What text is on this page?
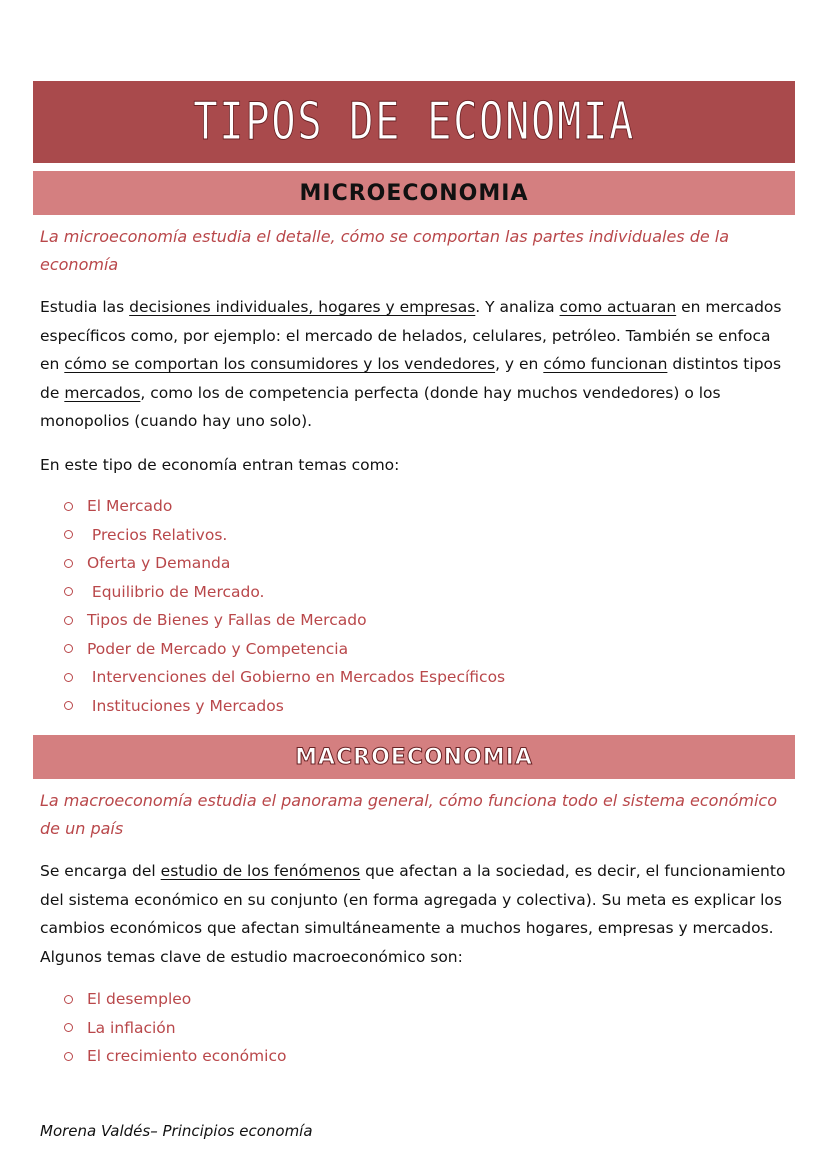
TIPOS DE ECONOMIA
MICROECONOMIA

La microeconomía estudia el detalle, cómo se comportan las partes individuales de la economía

Estudia las decisiones individuales, hogares y empresas. Y analiza como actuaran en mercados específicos como, por ejemplo: el mercado de helados, celulares, petróleo. También se enfoca en cómo se comportan los consumidores y los vendedores, y en cómo funcionan distintos tipos de mercados, como los de competencia perfecta (donde hay muchos vendedores) o los monopolios (cuando hay uno solo).

En este tipo de economía entran temas como:

El Mercado
Precios Relativos.
Oferta y Demanda
Equilibrio de Mercado.
Tipos de Bienes y Fallas de Mercado
Poder de Mercado y Competencia
Intervenciones del Gobierno en Mercados Específicos
Instituciones y Mercados
MACROECONOMIA

La macroeconomía estudia el panorama general, cómo funciona todo el sistema económico de un país

Se encarga del estudio de los fenómenos que afectan a la sociedad, es decir, el funcionamiento del sistema económico en su conjunto (en forma agregada y colectiva). Su meta es explicar los cambios económicos que afectan simultáneamente a muchos hogares, empresas y mercados. Algunos temas clave de estudio macroeconómico son:

El desempleo
La inflación
El crecimiento económico
Morena Valdés– Principios economía
